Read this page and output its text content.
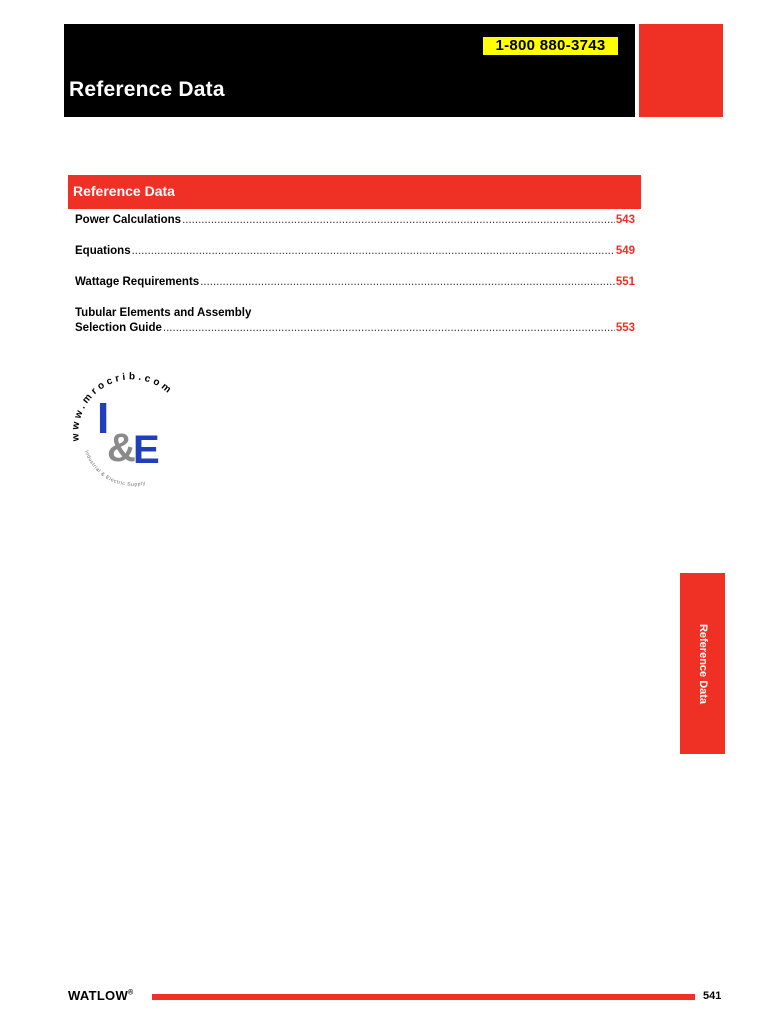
1-800 880-3743
Reference Data
Reference Data
Power Calculations .....	543
Equations .....	549
Wattage Requirements .....	551
Tubular Elements and Assembly
Selection Guide .....	553
www.mrocrib.com
Industrial & Electric Supply
I
&
E
Reference Data
WATLOW®	541
